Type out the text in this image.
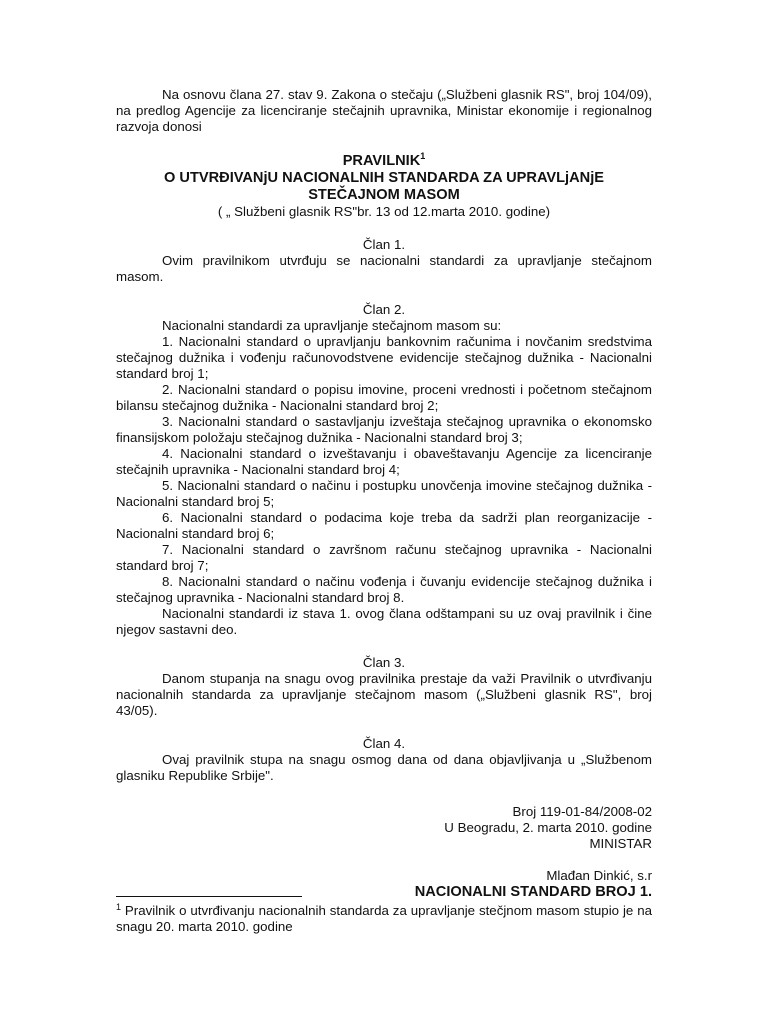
Na osnovu člana 27. stav 9. Zakona o stečaju („Službeni glasnik RS", broj 104/09), na predlog Agencije za licenciranje stečajnih upravnika, Ministar ekonomije i regionalnog razvoja donosi

PRAVILNIK$^1$

O UTVRĐIVANjU NACIONALNIH STANDARDA ZA UPRAVLjANjE STEČAJNOM MASOM

( „ Službeni glasnik RS"br. 13 od 12.marta 2010. godine)

Član 1.

Ovim pravilnikom utvrđuju se nacionalni standardi za upravljanje stečajnom masom.

Član 2.

Nacionalni standardi za upravljanje stečajnom masom su:

1. Nacionalni standard o upravljanju bankovnim računima i novčanim sredstvima stečajnog dužnika i vođenju računovodstvene evidencije stečajnog dužnika - Nacionalni standard broj 1;

2. Nacionalni standard o popisu imovine, proceni vrednosti i početnom stečajnom bilansu stečajnog dužnika - Nacionalni standard broj 2;

3. Nacionalni standard o sastavljanju izveštaja stečajnog upravnika o ekonomsko finansijskom položaju stečajnog dužnika - Nacionalni standard broj 3;

4. Nacionalni standard o izveštavanju i obaveštavanju Agencije za licenciranje stečajnih upravnika - Nacionalni standard broj 4;

5. Nacionalni standard o načinu i postupku unovčenja imovine stečajnog dužnika - Nacionalni standard broj 5;

6. Nacionalni standard o podacima koje treba da sadrži plan reorganizacije - Nacionalni standard broj 6;

7. Nacionalni standard o završnom računu stečajnog upravnika - Nacionalni standard broj 7;

8. Nacionalni standard o načinu vođenja i čuvanju evidencije stečajnog dužnika i stečajnog upravnika - Nacionalni standard broj 8.

Nacionalni standardi iz stava 1. ovog člana odštampani su uz ovaj pravilnik i čine njegov sastavni deo.

Član 3.

Danom stupanja na snagu ovog pravilnika prestaje da važi Pravilnik o utvrđivanju nacionalnih standarda za upravljanje stečajnom masom („Službeni glasnik RS", broj 43/05).

Član 4.

Ovaj pravilnik stupa na snagu osmog dana od dana objavljivanja u „Službenom glasniku Republike Srbije".

Broj 119-01-84/2008-02

U Beogradu, 2. marta 2010. godine

MINISTAR

Mlađan Dinkić, s.r

NACIONALNI STANDARD BROJ 1.

$^1$ Pravilnik o utvrđivanju nacionalnih standarda za upravljanje stečjnom masom stupio je na snagu 20. marta 2010. godine
